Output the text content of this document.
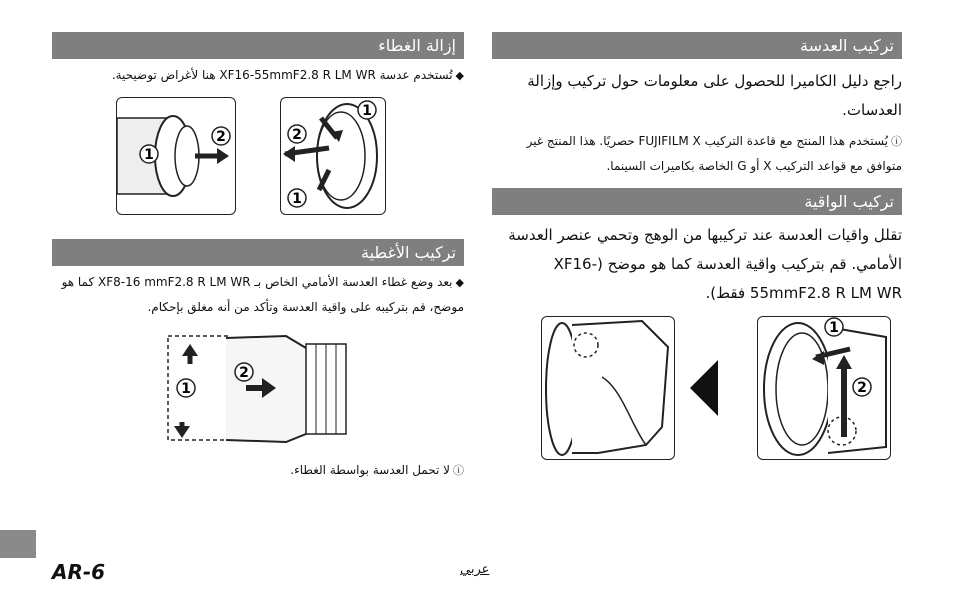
تركيب العدسة

راجع دليل الكاميرا للحصول على معلومات حول تركيب وإزالة العدسات.

ⓘيُستخدم هذا المنتج مع قاعدة التركيب FUJIFILM X حصريًا. هذا المنتج غير متوافق مع قواعد التركيب X أو G الخاصة بكاميرات السينما.

تركيب الواقية

تقلل واقيات العدسة عند تركيبها من الوهج وتحمي عنصر العدسة الأمامي. قم بتركيب واقية العدسة كما هو موضح (XF16-55mmF2.8 R LM WR فقط).

1
2
إزالة الغطاء

◆تُستخدم عدسة XF16-55mmF2.8 R LM WR هنا لأغراض توضيحية.

1
2
1
1
2
تركيب الأغطية

◆بعد وضع غطاء العدسة الأمامي الخاص بـ XF8-16 mmF2.8 R LM WR كما هو موضح، قم بتركيبه على واقية العدسة وتأكد من أنه مغلق بإحكام.

1
2

ⓘلا تحمل العدسة بواسطة الغطاء.

AR-6	عربي
